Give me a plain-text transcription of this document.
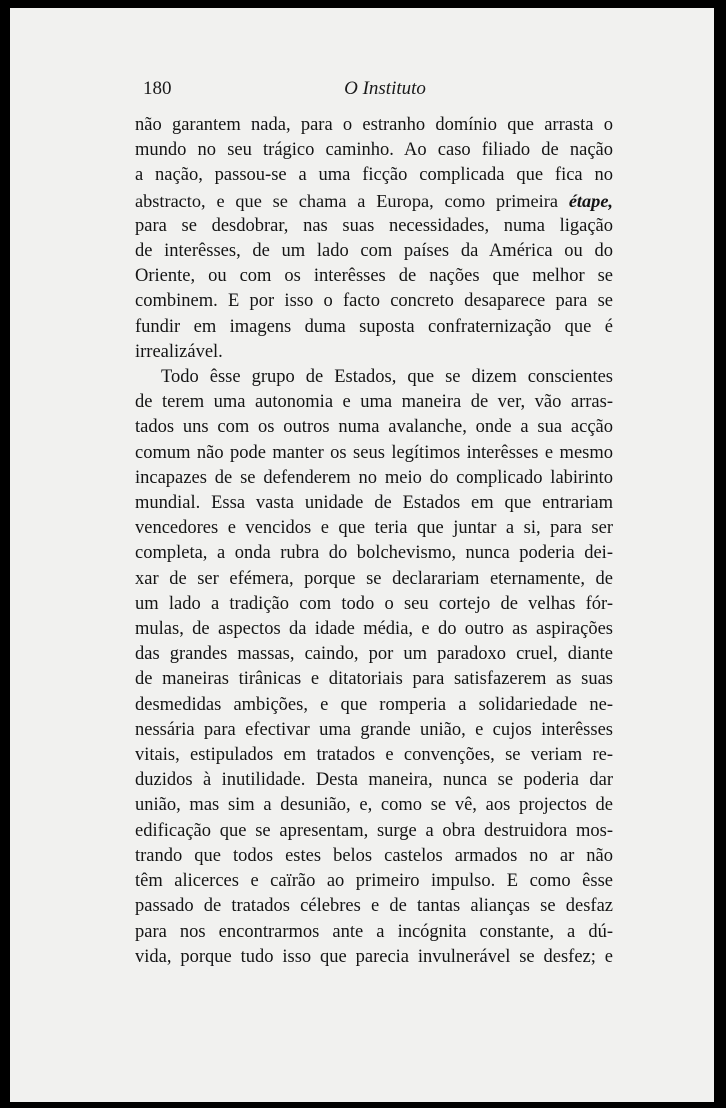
180	O Instituto

não garantem nada, para o estranho domínio que arrasta o
mundo no seu trágico caminho. Ao caso filiado de nação
a nação, passou-se a uma ficção complicada que fica no
abstracto, e que se chama a Europa, como primeira étape,
para se desdobrar, nas suas necessidades, numa ligação
de interêsses, de um lado com países da América ou do
Oriente, ou com os interêsses de nações que melhor se
combinem. E por isso o facto concreto desaparece para se
fundir em imagens duma suposta confraternização que é
irrealizável.

Todo êsse grupo de Estados, que se dizem conscientes
de terem uma autonomia e uma maneira de ver, vão arras-
tados uns com os outros numa avalanche, onde a sua acção
comum não pode manter os seus legítimos interêsses e mesmo
incapazes de se defenderem no meio do complicado labirinto
mundial. Essa vasta unidade de Estados em que entrariam
vencedores e vencidos e que teria que juntar a si, para ser
completa, a onda rubra do bolchevismo, nunca poderia dei-
xar de ser efémera, porque se declarariam eternamente, de
um lado a tradição com todo o seu cortejo de velhas fór-
mulas, de aspectos da idade média, e do outro as aspirações
das grandes massas, caindo, por um paradoxo cruel, diante
de maneiras tirânicas e ditatoriais para satisfazerem as suas
desmedidas ambições, e que romperia a solidariedade ne-
nessária para efectivar uma grande união, e cujos interêsses
vitais, estipulados em tratados e convenções, se veriam re-
duzidos à inutilidade. Desta maneira, nunca se poderia dar
união, mas sim a desunião, e, como se vê, aos projectos de
edificação que se apresentam, surge a obra destruidora mos-
trando que todos estes belos castelos armados no ar não
têm alicerces e caïrão ao primeiro impulso. E como êsse
passado de tratados célebres e de tantas alianças se desfaz
para nos encontrarmos ante a incógnita constante, a dú-
vida, porque tudo isso que parecia invulnerável se desfez; e
